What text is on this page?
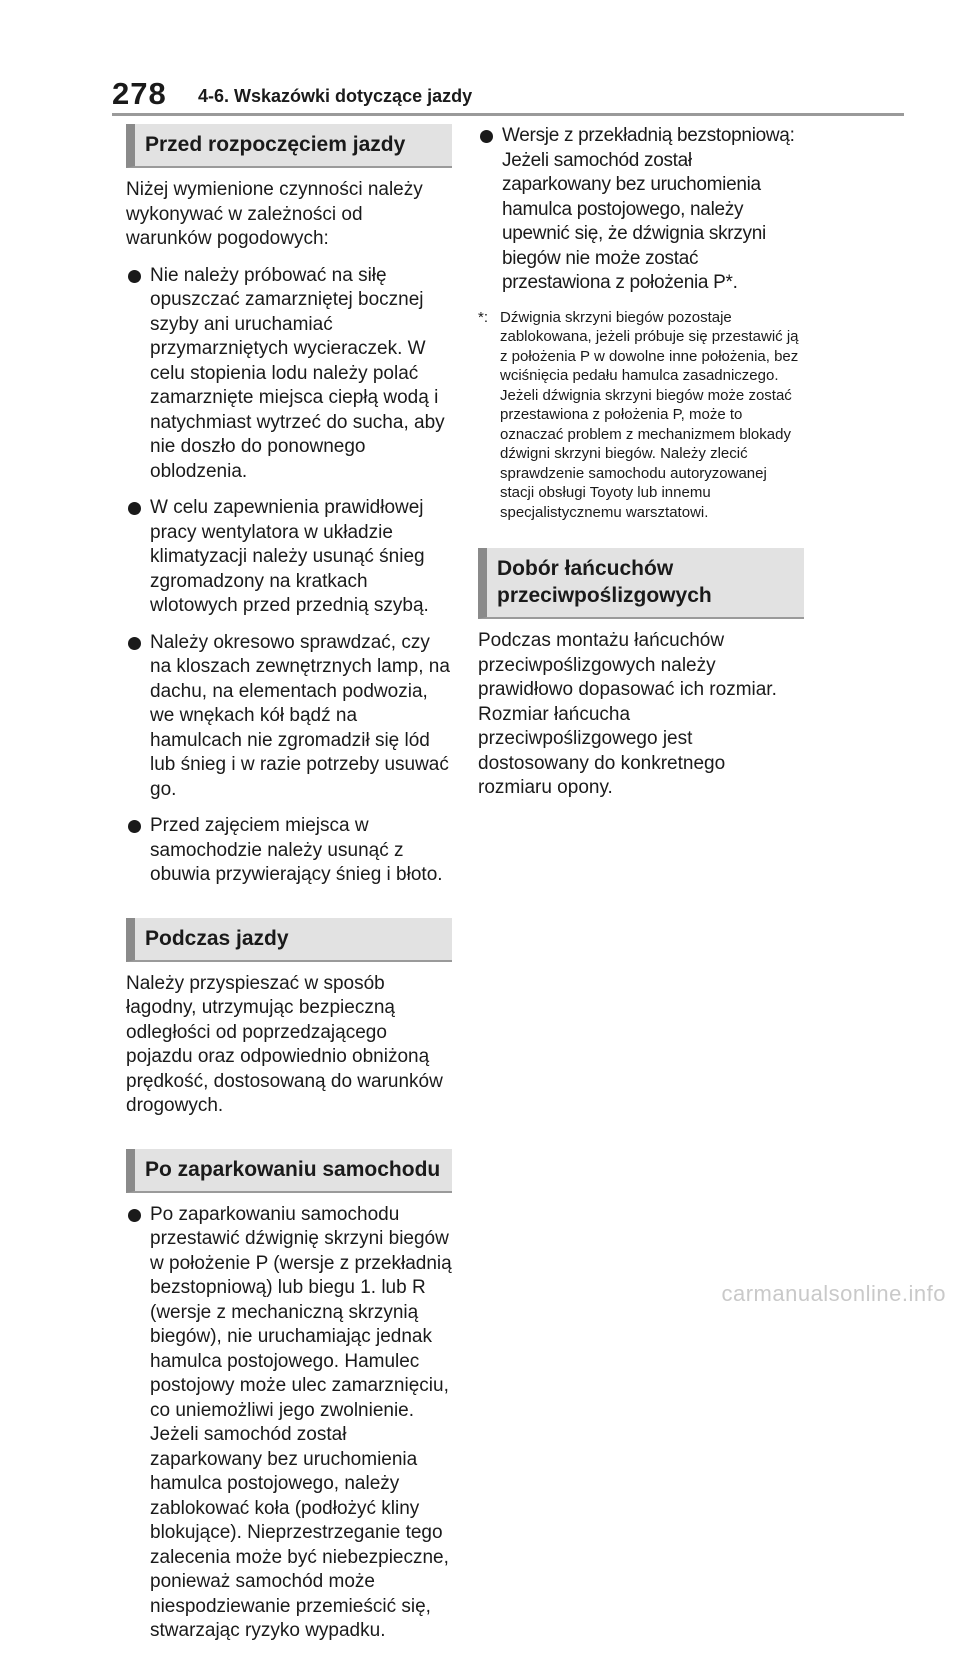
278 4-6. Wskazówki dotyczące jazdy
Przed rozpoczęciem jazdy

Niżej wymienione czynności należy wykonywać w zależności od warunków pogodowych:

Nie należy próbować na siłę opuszczać zamarzniętej bocznej szyby ani uruchamiać przymarzniętych wycieraczek. W celu stopienia lodu należy polać zamarznięte miejsca ciepłą wodą i natychmiast wytrzeć do sucha, aby nie doszło do ponownego oblodzenia.
W celu zapewnienia prawidłowej pracy wentylatora w układzie klimatyzacji należy usunąć śnieg zgromadzony na kratkach wlotowych przed przednią szybą.
Należy okresowo sprawdzać, czy na kloszach zewnętrznych lamp, na dachu, na elementach podwozia, we wnękach kół bądź na hamulcach nie zgromadził się lód lub śnieg i w razie potrzeby usuwać go.
Przed zajęciem miejsca w samochodzie należy usunąć z obuwia przywierający śnieg i błoto.
Podczas jazdy

Należy przyspieszać w sposób łagodny, utrzymując bezpieczną odległości od poprzedzającego pojazdu oraz odpowiednio obniżoną prędkość, dostosowaną do warunków drogowych.

Po zaparkowaniu samochodu
Po zaparkowaniu samochodu przestawić dźwignię skrzyni biegów w położenie P (wersje z przekładnią bezstopniową) lub biegu 1. lub R (wersje z mechaniczną skrzynią biegów), nie uruchamiając jednak hamulca postojowego. Hamulec postojowy może ulec zamarznięciu, co uniemożliwi jego zwolnienie. Jeżeli samochód został zaparkowany bez uruchomienia hamulca postojowego, należy zablokować koła (podłożyć kliny blokujące). Nieprzestrzeganie tego zalecenia może być niebezpieczne, ponieważ samochód może niespodziewanie przemieścić się, stwarzając ryzyko wypadku.
Wersje z przekładnią bezstopniową: Jeżeli samochód został zaparkowany bez uruchomienia hamulca postojowego, należy upewnić się, że dźwignia skrzyni biegów nie może zostać przestawiona z położenia P*.
*: Dźwignia skrzyni biegów pozostaje zablokowana, jeżeli próbuje się przestawić ją z położenia P w dowolne inne położenia, bez wciśnięcia pedału hamulca zasadniczego. Jeżeli dźwignia skrzyni biegów może zostać przestawiona z położenia P, może to oznaczać problem z mechanizmem blokady dźwigni skrzyni biegów. Należy zlecić sprawdzenie samochodu autoryzowanej stacji obsługi Toyoty lub innemu specjalistycznemu warsztatowi.
Dobór łańcuchów przeciwpoślizgowych

Podczas montażu łańcuchów przeciwpoślizgowych należy prawidłowo dopasować ich rozmiar.

Rozmiar łańcucha przeciwpoślizgowego jest dostosowany do konkretnego rozmiaru opony.

carmanualsonline.info
